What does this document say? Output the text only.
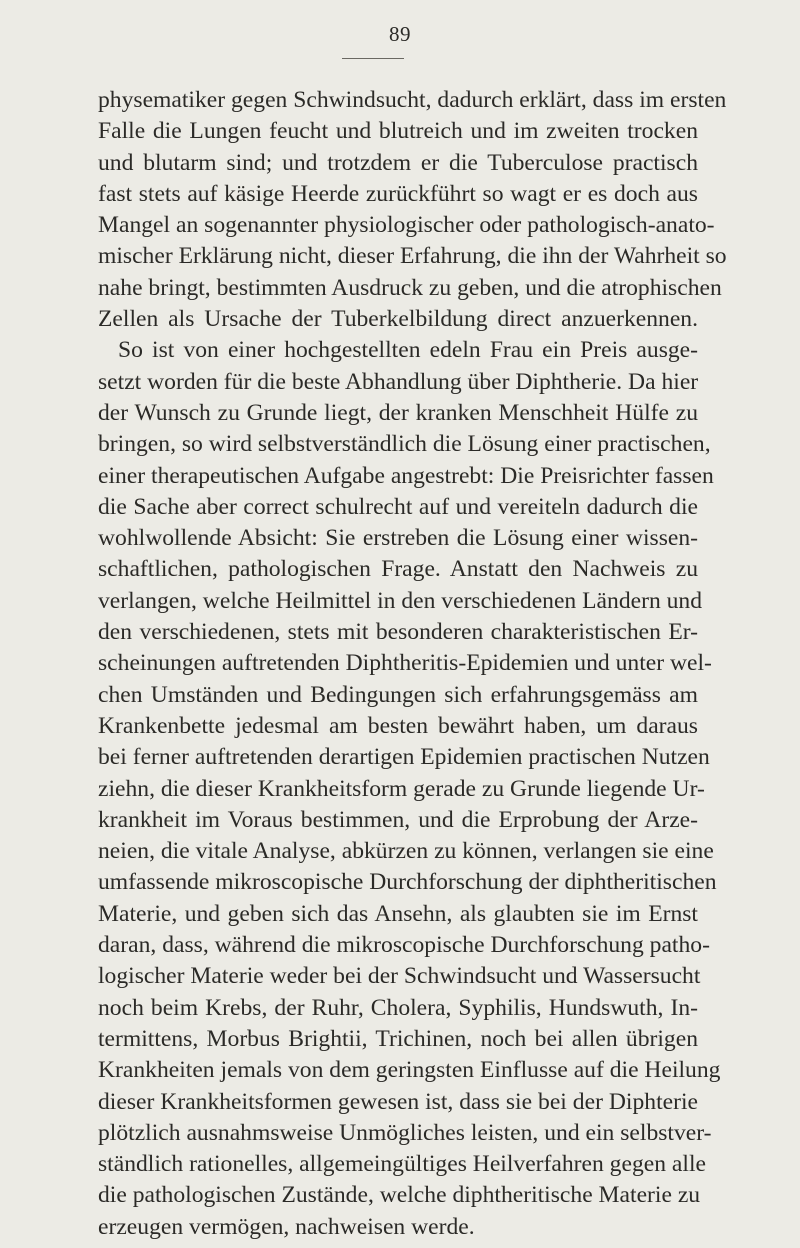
89
physematiker gegen Schwindsucht, dadurch erklärt, dass im ersten
Falle die Lungen feucht und blutreich und im zweiten trocken
und blutarm sind; und trotzdem er die Tuberculose practisch
fast stets auf käsige Heerde zurückführt so wagt er es doch aus
Mangel an sogenannter physiologischer oder pathologisch-anato-
mischer Erklärung nicht, dieser Erfahrung, die ihn der Wahrheit so
nahe bringt, bestimmten Ausdruck zu geben, und die atrophischen
Zellen als Ursache der Tuberkelbildung direct anzuerkennen.
So ist von einer hochgestellten edeln Frau ein Preis ausge-
setzt worden für die beste Abhandlung über Diphtherie. Da hier
der Wunsch zu Grunde liegt, der kranken Menschheit Hülfe zu
bringen, so wird selbstverständlich die Lösung einer practischen,
einer therapeutischen Aufgabe angestrebt: Die Preisrichter fassen
die Sache aber correct schulrecht auf und vereiteln dadurch die
wohlwollende Absicht: Sie erstreben die Lösung einer wissen-
schaftlichen, pathologischen Frage. Anstatt den Nachweis zu
verlangen, welche Heilmittel in den verschiedenen Ländern und
den verschiedenen, stets mit besonderen charakteristischen Er-
scheinungen auftretenden Diphtheritis-Epidemien und unter wel-
chen Umständen und Bedingungen sich erfahrungsgemäss am
Krankenbette jedesmal am besten bewährt haben, um daraus
bei ferner auftretenden derartigen Epidemien practischen Nutzen
ziehn, die dieser Krankheitsform gerade zu Grunde liegende Ur-
krankheit im Voraus bestimmen, und die Erprobung der Arze-
neien, die vitale Analyse, abkürzen zu können, verlangen sie eine
umfassende mikroscopische Durchforschung der diphtheritischen
Materie, und geben sich das Ansehn, als glaubten sie im Ernst
daran, dass, während die mikroscopische Durchforschung patho-
logischer Materie weder bei der Schwindsucht und Wassersucht
noch beim Krebs, der Ruhr, Cholera, Syphilis, Hundswuth, In-
termittens, Morbus Brightii, Trichinen, noch bei allen übrigen
Krankheiten jemals von dem geringsten Einflusse auf die Heilung
dieser Krankheitsformen gewesen ist, dass sie bei der Diphterie
plötzlich ausnahmsweise Unmögliches leisten, und ein selbstver-
ständlich rationelles, allgemeingültiges Heilverfahren gegen alle
die pathologischen Zustände, welche diphtheritische Materie zu
erzeugen vermögen, nachweisen werde.
